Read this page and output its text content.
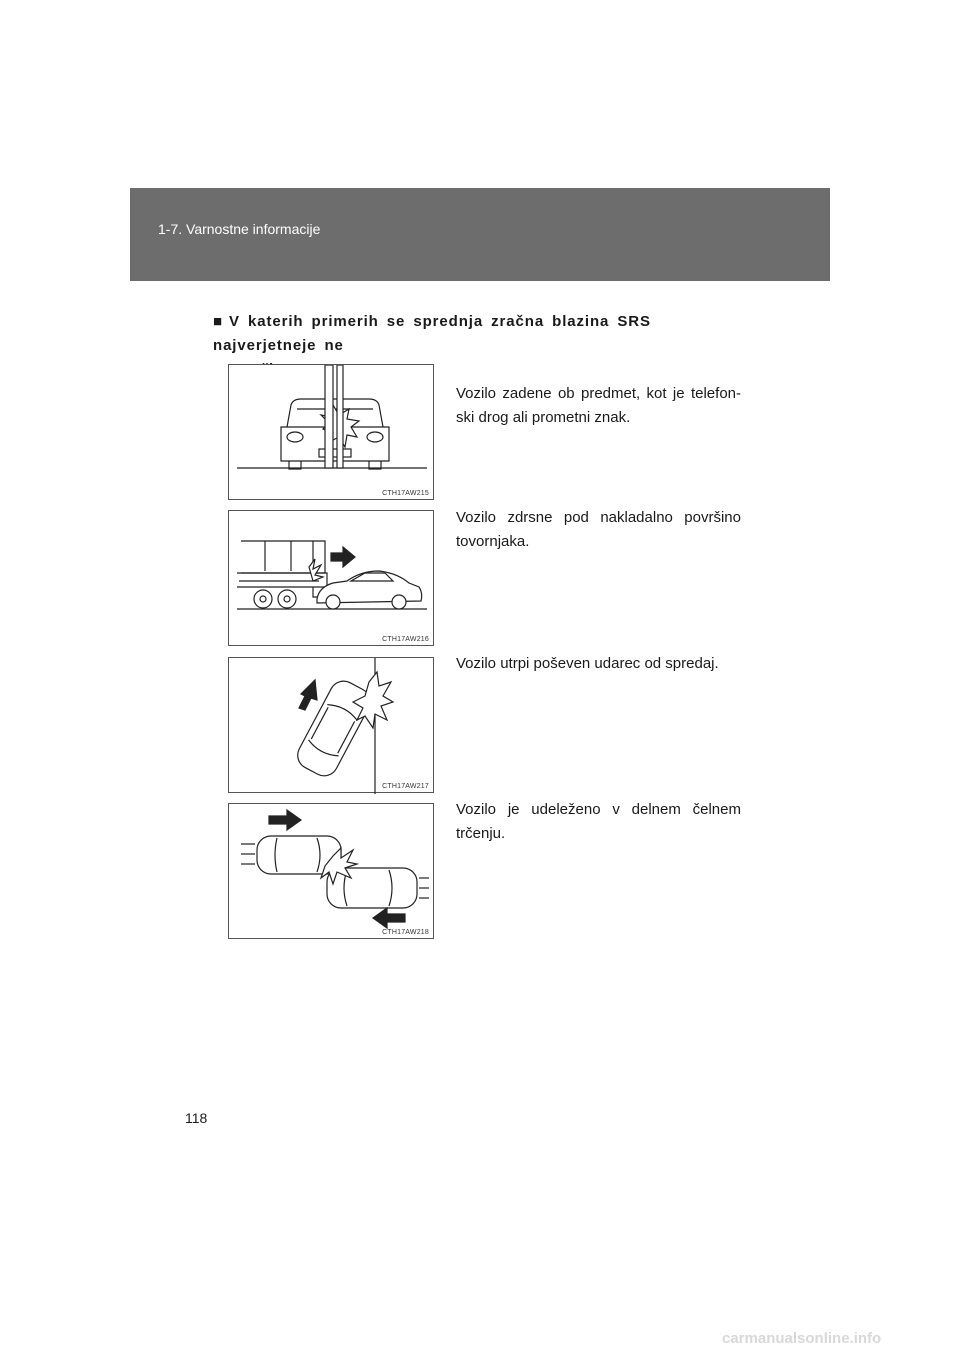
1-7. Varnostne informacije
■ V katerih primerih se sprednja zračna blazina SRS najverjetneje ne
CTH17AW215
Vozilo zadene ob predmet, kot je telefon-
ski drog ali prometni znak.
CTH17AW216
Vozilo zdrsne pod nakladalno površino
tovornjaka.
CTH17AW217
Vozilo utrpi poševen udarec od spredaj.
CTH17AW218
Vozilo je udeleženo v delnem čelnem
trčenju.
118
carmanualsonline.info
